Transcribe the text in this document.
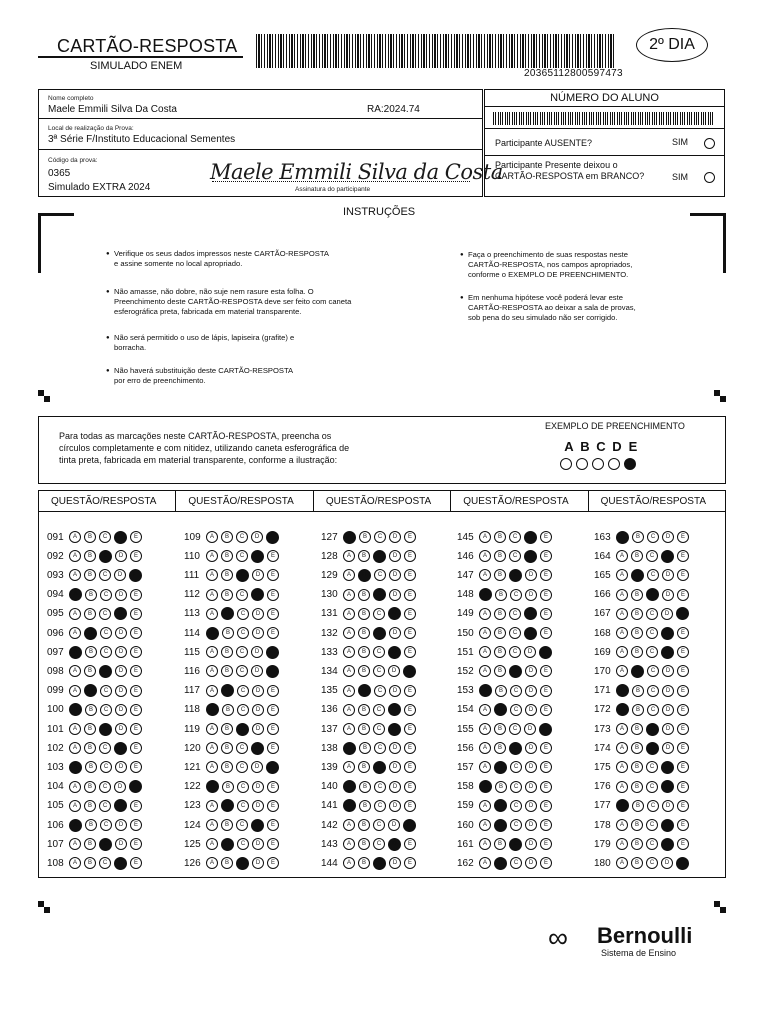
CARTÃO-RESPOSTA
SIMULADO ENEM
20365112800597473
2º DIA
Nome completo
Maele Emmili Silva Da Costa	RA:2024.74
Local de realização da Prova:
3ª Série F/Instituto Educacional Sementes
Código da prova:
0365
Simulado EXTRA 2024	Assinatura do participante
Maele Emmili Silva da Costa
NÚMERO DO ALUNO
Participante AUSENTE?	SIM
Participante Presente deixou o
CARTÃO-RESPOSTA em BRANCO?	SIM
INSTRUÇÕES
● Verifique os seus dados impressos neste CARTÃO-RESPOSTA
e assine somente no local apropriado.
● Não amasse, não dobre, não suje nem rasure esta folha. O
Preenchimento deste CARTÃO-RESPOSTA deve ser feito com caneta
esferográfica preta, fabricada em material transparente.
● Não será permitido o uso de lápis, lapiseira (grafite) e
borracha.
● Não haverá substituição deste CARTÃO-RESPOSTA
por erro de preenchimento.
● Faça o preenchimento de suas respostas neste
CARTÃO-RESPOSTA, nos campos apropriados,
conforme o EXEMPLO DE PREENCHIMENTO.
● Em nenhuma hipótese você poderá levar este
CARTÃO-RESPOSTA ao deixar a sala de provas,
sob pena do seu simulado não ser corrigido.
Para todas as marcações neste CARTÃO-RESPOSTA, preencha os
círculos completamente e com nitidez, utilizando caneta esferográfica de
tinta preta, fabricada em material transparente, conforme a ilustração:
EXEMPLO DE PREENCHIMENTO
A B C D E
QUESTÃO/RESPOSTA	QUESTÃO/RESPOSTA	QUESTÃO/RESPOSTA	QUESTÃO/RESPOSTA	QUESTÃO/RESPOSTA
091	A	B	C	D	E
092	A	B	C	D	E
093	A	B	C	D	E
094	A	B	C	D	E
095	A	B	C	D	E
096	A	B	C	D	E
097	A	B	C	D	E
098	A	B	C	D	E
099	A	B	C	D	E
100	A	B	C	D	E
101	A	B	C	D	E
102	A	B	C	D	E
103	A	B	C	D	E
104	A	B	C	D	E
105	A	B	C	D	E
106	A	B	C	D	E
107	A	B	C	D	E
108	A	B	C	D	E
109	A	B	C	D	E
110	A	B	C	D	E
111	A	B	C	D	E
112	A	B	C	D	E
113	A	B	C	D	E
114	A	B	C	D	E
115	A	B	C	D	E
116	A	B	C	D	E
117	A	B	C	D	E
118	A	B	C	D	E
119	A	B	C	D	E
120	A	B	C	D	E
121	A	B	C	D	E
122	A	B	C	D	E
123	A	B	C	D	E
124	A	B	C	D	E
125	A	B	C	D	E
126	A	B	C	D	E
127	A	B	C	D	E
128	A	B	C	D	E
129	A	B	C	D	E
130	A	B	C	D	E
131	A	B	C	D	E
132	A	B	C	D	E
133	A	B	C	D	E
134	A	B	C	D	E
135	A	B	C	D	E
136	A	B	C	D	E
137	A	B	C	D	E
138	A	B	C	D	E
139	A	B	C	D	E
140	A	B	C	D	E
141	A	B	C	D	E
142	A	B	C	D	E
143	A	B	C	D	E
144	A	B	C	D	E
145	A	B	C	D	E
146	A	B	C	D	E
147	A	B	C	D	E
148	A	B	C	D	E
149	A	B	C	D	E
150	A	B	C	D	E
151	A	B	C	D	E
152	A	B	C	D	E
153	A	B	C	D	E
154	A	B	C	D	E
155	A	B	C	D	E
156	A	B	C	D	E
157	A	B	C	D	E
158	A	B	C	D	E
159	A	B	C	D	E
160	A	B	C	D	E
161	A	B	C	D	E
162	A	B	C	D	E
163	A	B	C	D	E
164	A	B	C	D	E
165	A	B	C	D	E
166	A	B	C	D	E
167	A	B	C	D	E
168	A	B	C	D	E
169	A	B	C	D	E
170	A	B	C	D	E
171	A	B	C	D	E
172	A	B	C	D	E
173	A	B	C	D	E
174	A	B	C	D	E
175	A	B	C	D	E
176	A	B	C	D	E
177	A	B	C	D	E
178	A	B	C	D	E
179	A	B	C	D	E
180	A	B	C	D	E
∞ Bernoulli
Sistema de Ensino
